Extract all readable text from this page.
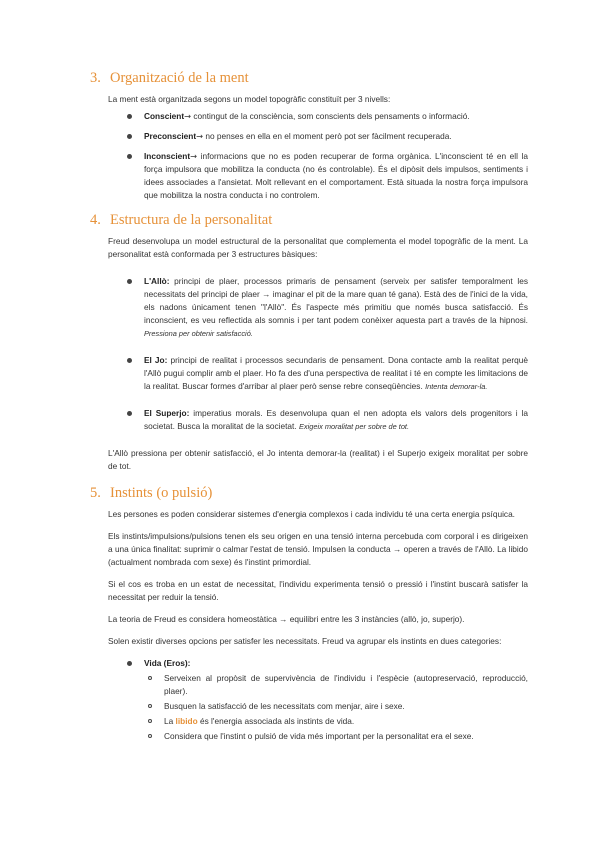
3. Organització de la ment

La ment està organitzada segons un model topogràfic constituït per 3 nivells:

Conscient→ contingut de la consciència, som conscients dels pensaments o informació.
Preconscient→ no penses en ella en el moment però pot ser fàcilment recuperada.
Inconscient→ informacions que no es poden recuperar de forma orgànica. L'inconscient té en ell la força impulsora que mobilitza la conducta (no és controlable). És el dipòsit dels impulsos, sentiments i idees associades a l'ansietat. Molt rellevant en el comportament. Està situada la nostra força impulsora que mobilitza la nostra conducta i no controlem.
4. Estructura de la personalitat

Freud desenvolupa un model estructural de la personalitat que complementa el model topogràfic de la ment. La personalitat està conformada per 3 estructures bàsiques:

L'Allò: principi de plaer, processos primaris de pensament (serveix per satisfer temporalment les necessitats del principi de plaer → imaginar el pit de la mare quan té gana). Està des de l'inici de la vida, els nadons únicament tenen "l'Allò". És l'aspecte més primitiu que només busca satisfacció. És inconscient, es veu reflectida als somnis i per tant podem conèixer aquesta part a través de la hipnosi. Pressiona per obtenir satisfacció.
El Jo: principi de realitat i processos secundaris de pensament. Dona contacte amb la realitat perquè l'Allò pugui complir amb el plaer. Ho fa des d'una perspectiva de realitat i té en compte les limitacions de la realitat. Buscar formes d'arribar al plaer però sense rebre conseqüències. Intenta demorar-la.
El Superjo: imperatius morals. Es desenvolupa quan el nen adopta els valors dels progenitors i la societat. Busca la moralitat de la societat. Exigeix moralitat per sobre de tot.

L'Allò pressiona per obtenir satisfacció, el Jo intenta demorar-la (realitat) i el Superjo exigeix moralitat per sobre de tot.

5. Instints (o pulsió)

Les persones es poden considerar sistemes d'energia complexos i cada individu té una certa energia psíquica.

Els instints/impulsions/pulsions tenen els seu origen en una tensió interna percebuda com corporal i es dirigeixen a una única finalitat: suprimir o calmar l'estat de tensió. Impulsen la conducta → operen a través de l'Allò. La libido (actualment nombrada com sexe) és l'instint primordial.

Si el cos es troba en un estat de necessitat, l'individu experimenta tensió o pressió i l'instint buscarà satisfer la necessitat per reduir la tensió.

La teoria de Freud es considera homeostàtica → equilibri entre les 3 instàncies (allò, jo, superjo).

Solen existir diverses opcions per satisfer les necessitats. Freud va agrupar els instints en dues categories:

Vida (Eros):
Serveixen al propòsit de supervivència de l'individu i l'espècie (autopreservació, reproducció, plaer).
Busquen la satisfacció de les necessitats com menjar, aire i sexe.
La libido és l'energia associada als instints de vida.
Considera que l'instint o pulsió de vida més important per la personalitat era el sexe.
